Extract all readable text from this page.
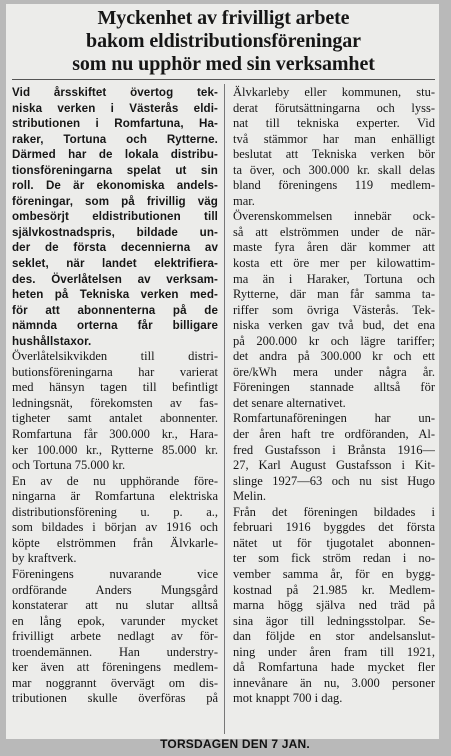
Myckenhet av frivilligt arbete
bakom eldistributionsföreningar
som nu upphör med sin verksamhet
Vid årsskiftet övertog tek-
niska verken i Västerås eldi-
stributionen i Romfartuna, Ha-
raker, Tortuna och Rytterne.
Därmed har de lokala distribu-
tionsföreningarna spelat ut sin
roll. De är ekonomiska andels-
föreningar, som på frivillig väg
ombesörjt eldistributionen till
självkostnadspris, bildade un-
der de första decennierna av
seklet, när landet elektrifiera-
des. Överlåtelsen av verksam-
heten på Tekniska verken med-
för att abonnenterna på de
nämnda orterna får billigare
hushållstaxor.
Överlåtelsikvikden till distri-
butionsföreningarna har varierat
med hänsyn tagen till befintligt
ledningsnät, förekomsten av fas-
tigheter samt antalet abonnenter.
Romfartuna får 300.000 kr., Hara-
ker 100.000 kr., Rytterne 85.000 kr.
och Tortuna 75.000 kr.
En av de nu upphörande före-
ningarna är Romfartuna elektriska
distributionsförening u. p. a.,
som bildades i början av 1916 och
köpte elströmmen från Älvkarle-
by kraftverk.
Föreningens nuvarande vice
ordförande Anders Mungsgård
konstaterar att nu slutar alltså
en lång epok, varunder mycket
frivilligt arbete nedlagt av för-
troendemännen. Han understry-
ker även att föreningens medlem-
mar noggrannt övervägt om dis-
tributionen skulle överföras på
Älvkarleby eller kommunen, stu-
derat förutsättningarna och lyss-
nat till tekniska experter. Vid
två stämmor har man enhälligt
beslutat att Tekniska verken bör
ta över, och 300.000 kr. skall delas
bland föreningens 119 medlem-
mar.
Överenskommelsen innebär ock-
så att elströmmen under de när-
maste fyra åren där kommer att
kosta ett öre mer per kilowattim-
ma än i Haraker, Tortuna och
Rytterne, där man får samma ta-
riffer som övriga Västerås. Tek-
niska verken gav två bud, det ena
på 200.000 kr och lägre tariffer;
det andra på 300.000 kr och ett
öre/kWh mera under några år.
Föreningen stannade alltså för
det senare alternativet.
Romfartunaföreningen har un-
der åren haft tre ordföranden, Al-
fred Gustafsson i Brånsta 1916—
27, Karl August Gustafsson i Kit-
slinge 1927—63 och nu sist Hugo
Melin.
Från det föreningen bildades i
februari 1916 byggdes det första
nätet ut för tjugotalet abonnen-
ter som fick ström redan i no-
vember samma år, för en bygg-
kostnad på 21.985 kr. Medlem-
marna högg själva ned träd på
sina ägor till ledningsstolpar. Se-
dan följde en stor andelsanslut-
ning under åren fram till 1921,
då Romfartuna hade mycket fler
innevånare än nu, 3.000 personer
mot knappt 700 i dag.
TORSDAGEN DEN 7 JAN.
